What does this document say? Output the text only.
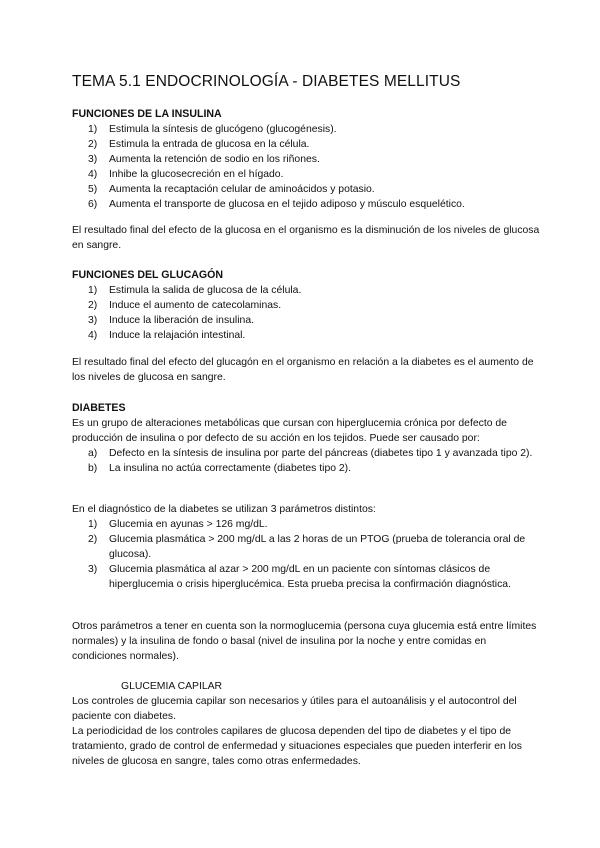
TEMA 5.1 ENDOCRINOLOGÍA - DIABETES MELLITUS
FUNCIONES DE LA INSULINA
1) Estimula la síntesis de glucógeno (glucogénesis).
2) Estimula la entrada de glucosa en la célula.
3) Aumenta la retención de sodio en los riñones.
4) Inhibe la glucosecreción en el hígado.
5) Aumenta la recaptación celular de aminoácidos y potasio.
6) Aumenta el transporte de glucosa en el tejido adiposo y músculo esquelético.

El resultado final del efecto de la glucosa en el organismo es la disminución de los niveles de glucosa en sangre.

FUNCIONES DEL GLUCAGÓN
1) Estimula la salida de glucosa de la célula.
2) Induce el aumento de catecolaminas.
3) Induce la liberación de insulina.
4) Induce la relajación intestinal.

El resultado final del efecto del glucagón en el organismo en relación a la diabetes es el aumento de los niveles de glucosa en sangre.

DIABETES

Es un grupo de alteraciones metabólicas que cursan con hiperglucemia crónica por defecto de producción de insulina o por defecto de su acción en los tejidos. Puede ser causado por:

a) Defecto en la síntesis de insulina por parte del páncreas (diabetes tipo 1 y avanzada tipo 2).
b) La insulina no actúa correctamente (diabetes tipo 2).

En el diagnóstico de la diabetes se utilizan 3 parámetros distintos:

1) Glucemia en ayunas > 126 mg/dL.
2) Glucemia plasmática > 200 mg/dL a las 2 horas de un PTOG (prueba de tolerancia oral de glucosa).
3) Glucemia plasmática al azar > 200 mg/dL en un paciente con síntomas clásicos de hiperglucemia o crisis hiperglucémica. Esta prueba precisa la confirmación diagnóstica.

Otros parámetros a tener en cuenta son la normoglucemia (persona cuya glucemia está entre límites normales) y la insulina de fondo o basal (nivel de insulina por la noche y entre comidas en condiciones normales).

GLUCEMIA CAPILAR

Los controles de glucemia capilar son necesarios y útiles para el autoanálisis y el autocontrol del paciente con diabetes.

La periodicidad de los controles capilares de glucosa dependen del tipo de diabetes y el tipo de tratamiento, grado de control de enfermedad y situaciones especiales que pueden interferir en los niveles de glucosa en sangre, tales como otras enfermedades.
